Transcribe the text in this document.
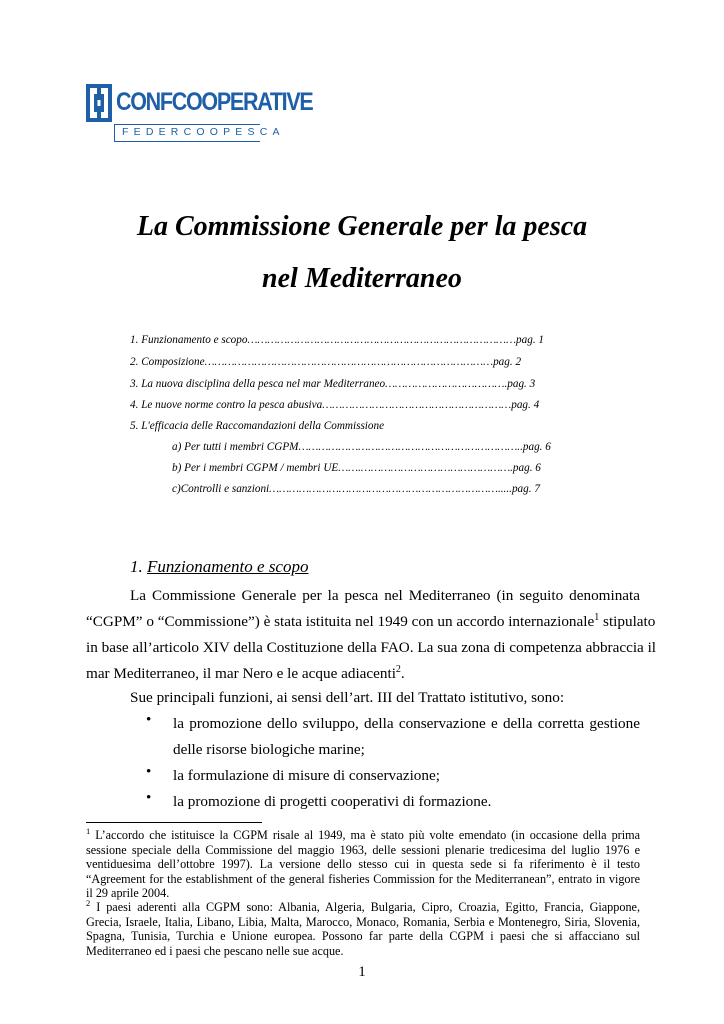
CONFCOOPERATIVE
FEDERCOOPESCA
La Commissione Generale per la pesca
nel Mediterraneo
1. Funzionamento e scopo………………………………………………………………………pag. 1
2. Composizione……………………………………………………………………………pag. 2
3. La nuova disciplina della pesca nel mar Mediterraneo……………………………….pag. 3
4. Le nuove norme contro la pesca abusiva…………………………………………………pag. 4
5. L'efficacia delle Raccomandazioni della Commissione
a) Per tutti i membri CGPM…………………………………………………………..pag. 6
b) Per i membri CGPM / membri UE…….……………………………………….pag. 6
c)Controlli e sanzioni…………………………………………………………….....pag. 7
1. Funzionamento e scopo
La Commissione Generale per la pesca nel Mediterraneo (in seguito denominata
“CGPM” o “Commissione”) è stata istituita nel 1949 con un accordo internazionale$^1$ stipulato
in base all’articolo XIV della Costituzione della FAO. La sua zona di competenza abbraccia il
mar Mediterraneo, il mar Nero e le acque adiacenti$^2$.
Sue principali funzioni, ai sensi dell’art. III del Trattato istitutivo, sono:
• la promozione dello sviluppo, della conservazione e della corretta gestione
delle risorse biologiche marine;
• la formulazione di misure di conservazione;
• la promozione di progetti cooperativi di formazione.
$^1$ L’accordo che istituisce la CGPM risale al 1949, ma è stato più volte emendato (in occasione della prima
sessione speciale della Commissione del maggio 1963, delle sessioni plenarie tredicesima del luglio 1976 e
ventiduesima dell’ottobre 1997). La versione dello stesso cui in questa sede si fa riferimento è il testo
“Agreement for the establishment of the general fisheries Commission for the Mediterranean”, entrato in vigore
il 29 aprile 2004.
$^2$ I paesi aderenti alla CGPM sono: Albania, Algeria, Bulgaria, Cipro, Croazia, Egitto, Francia, Giappone,
Grecia, Israele, Italia, Libano, Libia, Malta, Marocco, Monaco, Romania, Serbia e Montenegro, Siria, Slovenia,
Spagna, Tunisia, Turchia e Unione europea. Possono far parte della CGPM i paesi che si affacciano sul
Mediterraneo ed i paesi che pescano nelle sue acque.
1
